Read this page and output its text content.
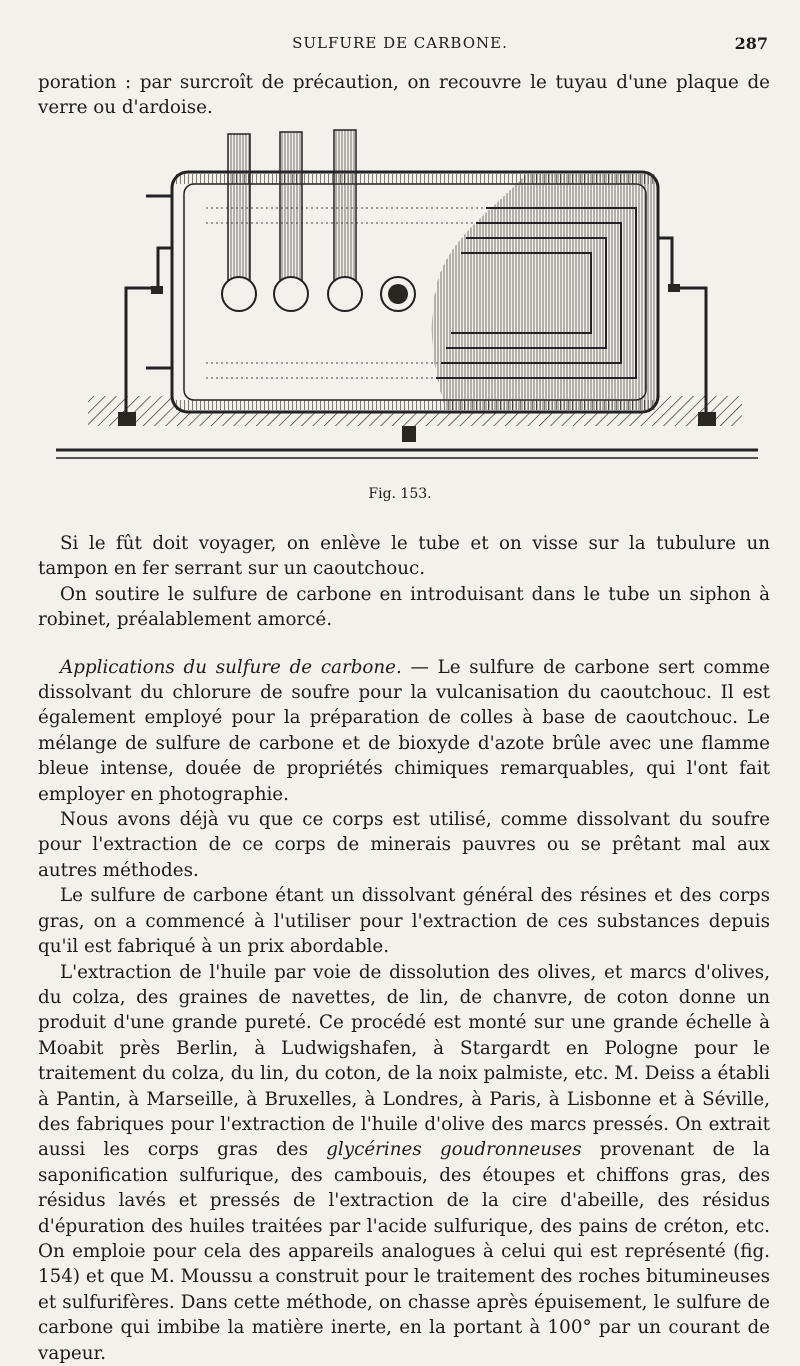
SULFURE DE CARBONE.	287

poration : par surcroît de précaution, on recouvre le tuyau d'une plaque de verre ou d'ardoise.

Fig. 153.

Si le fût doit voyager, on enlève le tube et on visse sur la tubulure un tampon en fer serrant sur un caoutchouc.

On soutire le sulfure de carbone en introduisant dans le tube un siphon à robinet, préalablement amorcé.

Applications du sulfure de carbone. — Le sulfure de carbone sert comme dissolvant du chlorure de soufre pour la vulcanisation du caoutchouc. Il est également employé pour la préparation de colles à base de caoutchouc. Le mélange de sulfure de carbone et de bioxyde d'azote brûle avec une flamme bleue intense, douée de propriétés chimiques remarquables, qui l'ont fait employer en photographie.

Nous avons déjà vu que ce corps est utilisé, comme dissolvant du soufre pour l'extraction de ce corps de minerais pauvres ou se prêtant mal aux autres méthodes.

Le sulfure de carbone étant un dissolvant général des résines et des corps gras, on a commencé à l'utiliser pour l'extraction de ces substances depuis qu'il est fabriqué à un prix abordable.

L'extraction de l'huile par voie de dissolution des olives, et marcs d'olives, du colza, des graines de navettes, de lin, de chanvre, de coton donne un produit d'une grande pureté. Ce procédé est monté sur une grande échelle à Moabit près Berlin, à Ludwigshafen, à Stargardt en Pologne pour le traitement du colza, du lin, du coton, de la noix palmiste, etc. M. Deiss a établi à Pantin, à Marseille, à Bruxelles, à Londres, à Paris, à Lisbonne et à Séville, des fabriques pour l'extraction de l'huile d'olive des marcs pressés. On extrait aussi les corps gras des glycérines goudronneuses provenant de la saponification sulfurique, des cambouis, des étoupes et chiffons gras, des résidus lavés et pressés de l'extraction de la cire d'abeille, des résidus d'épuration des huiles traitées par l'acide sulfurique, des pains de créton, etc. On emploie pour cela des appareils analogues à celui qui est représenté (fig. 154) et que M. Moussu a construit pour le traitement des roches bitumineuses et sulfurifères. Dans cette méthode, on chasse après épuisement, le sulfure de carbone qui imbibe la matière inerte, en la portant à 100° par un courant de vapeur.
